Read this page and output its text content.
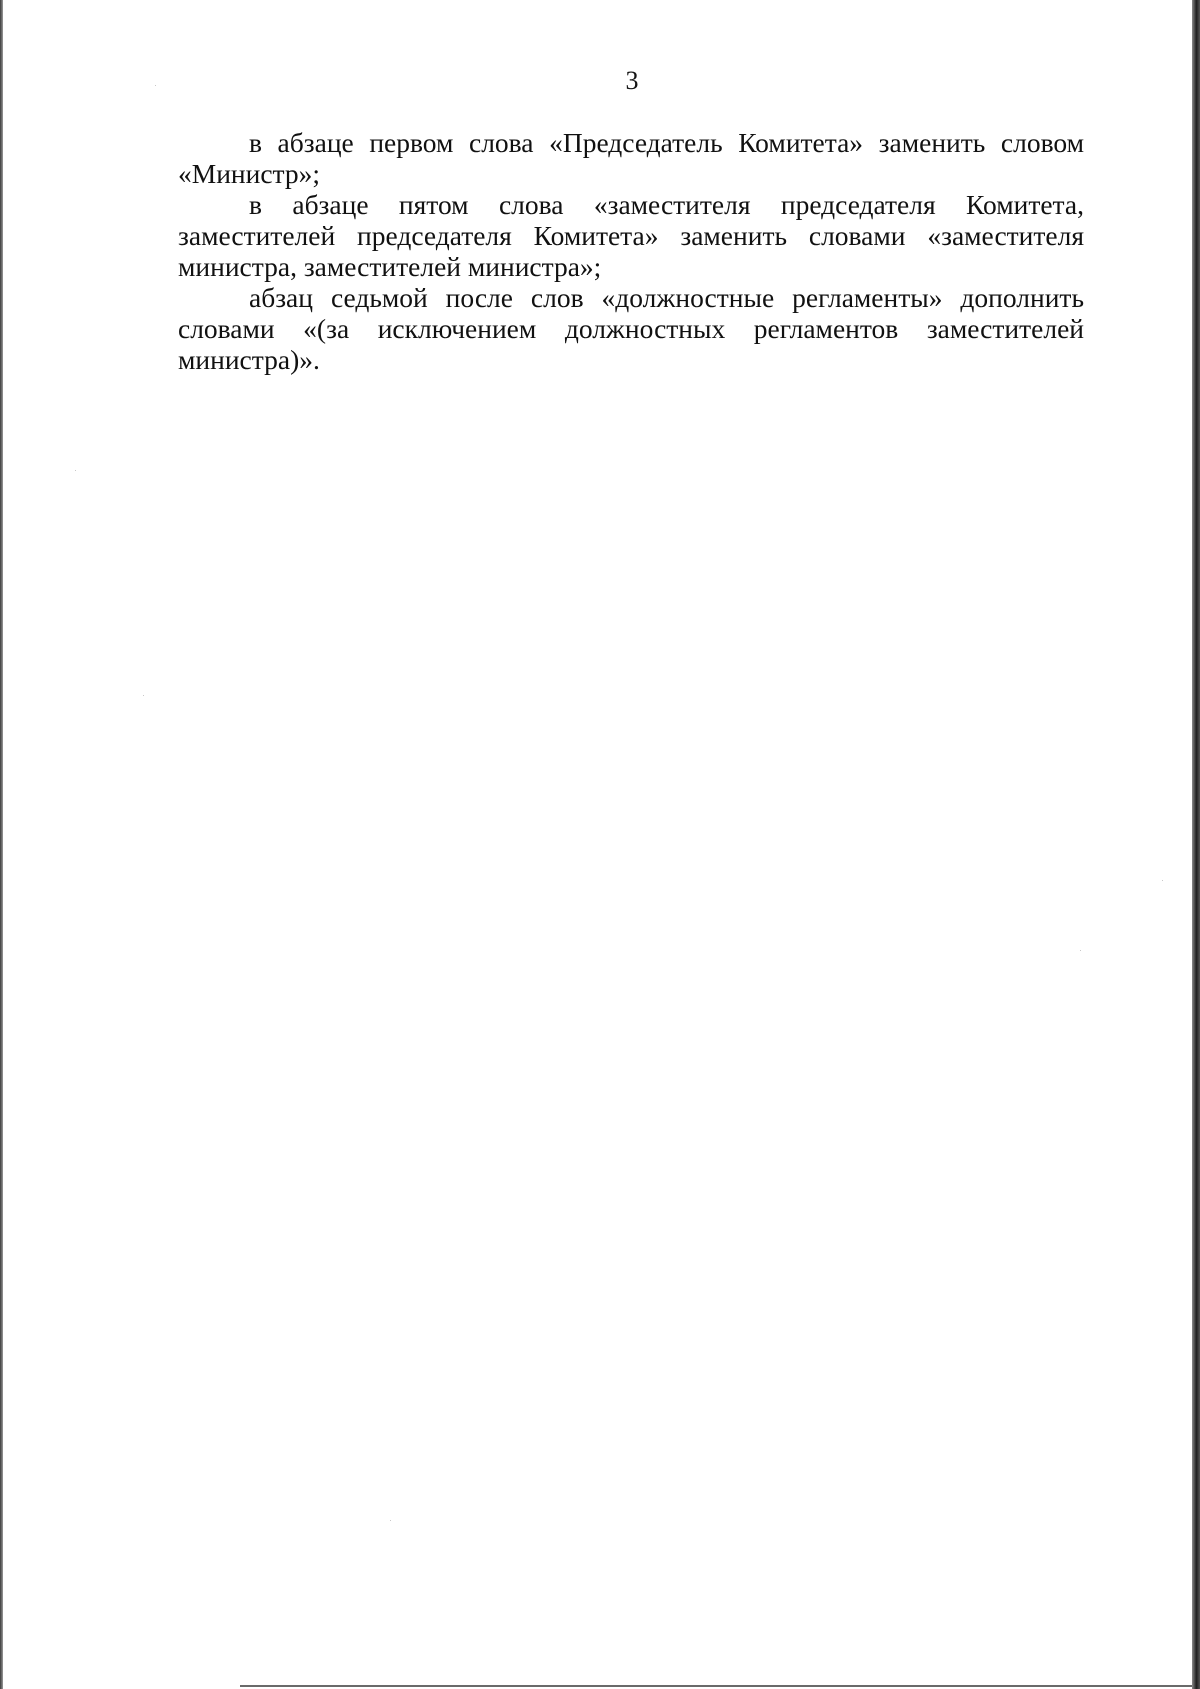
3

в абзаце первом слова «Председатель Комитета» заменить словом «Министр»;

в абзаце пятом слова «заместителя председателя Комитета, заместителей председателя Комитета» заменить словами «заместителя министра, заместителей министра»;

абзац седьмой после слов «должностные регламенты» дополнить словами «(за исключением должностных регламентов заместителей министра)».
